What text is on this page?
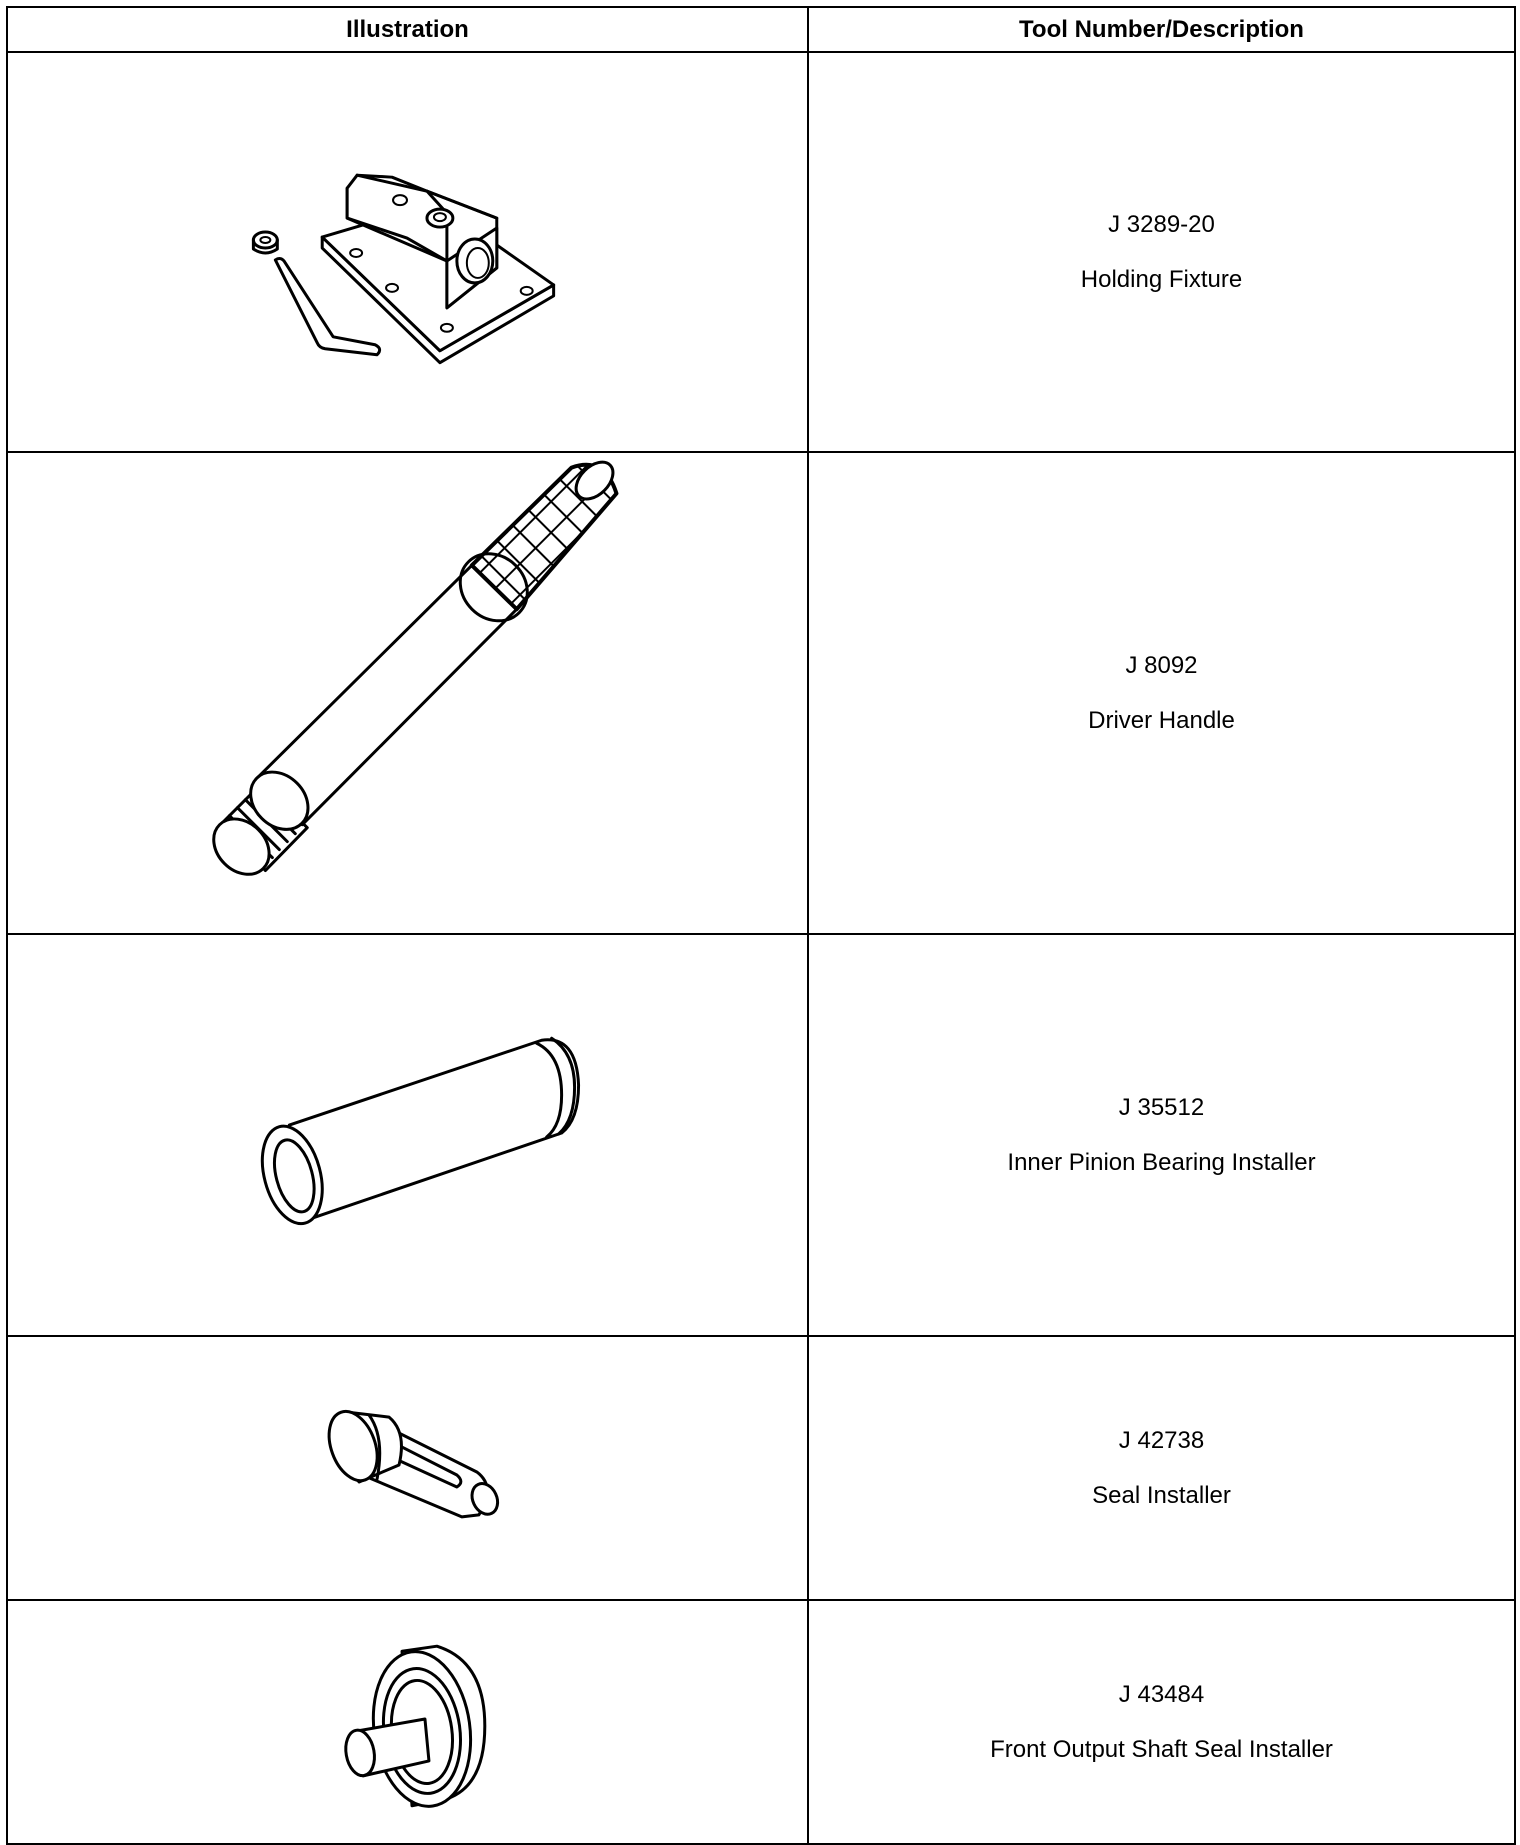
Illustration	Tool Number/Description

J 3289-20
Holding Fixture

J 8092
Driver Handle

J 35512
Inner Pinion Bearing Installer

J 42738
Seal Installer

J 43484
Front Output Shaft Seal Installer
